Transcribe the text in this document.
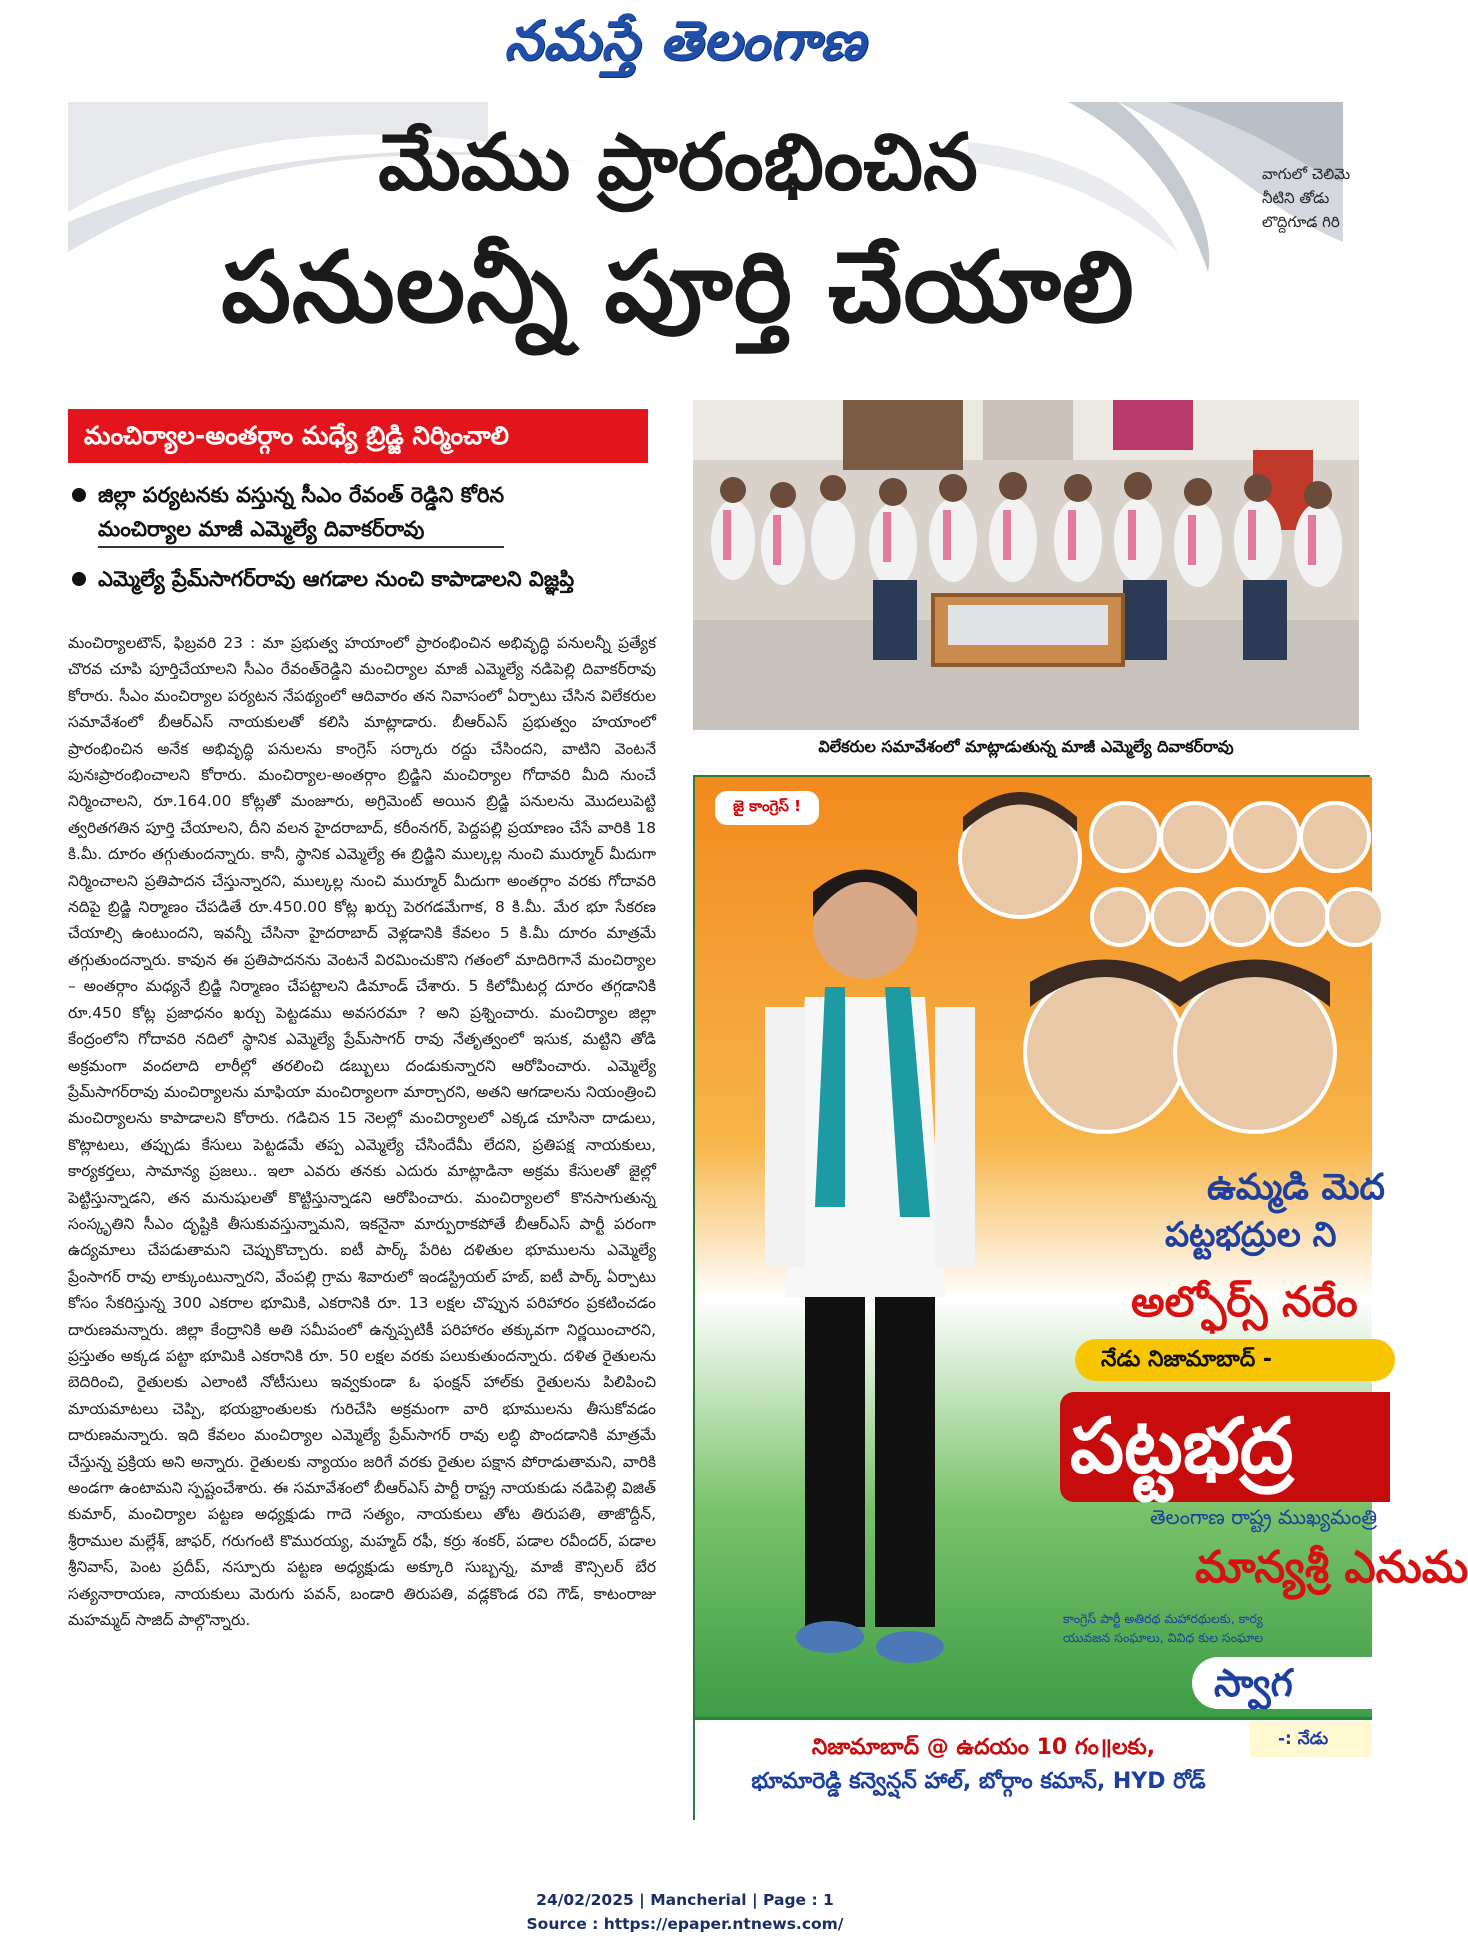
నమస్తే తెలంగాణ
మేము ప్రారంభించిన
పనులన్నీ పూర్తి చేయాలి
వాగులో చెలిమె
నీటిని తోడు
లొద్దిగూడ గిరి
మంచిర్యాల-అంతర్గాం మధ్యే బ్రిడ్జి నిర్మించాలి
జిల్లా పర్యటనకు వస్తున్న సీఎం రేవంత్ రెడ్డిని కోరిన
మంచిర్యాల మాజీ ఎమ్మెల్యే దివాకర్‌రావు
ఎమ్మెల్యే ప్రేమ్‌సాగర్‌రావు ఆగడాల నుంచి కాపాడాలని విజ్ఞప్తి
మంచిర్యాలటౌన్, ఫిబ్రవరి 23 : మా ప్రభుత్వ హయాంలో ప్రారంభించిన అభివృద్ధి పనులన్నీ ప్రత్యేక చొరవ చూపి పూర్తిచేయాలని సీఎం రేవంత్‌రెడ్డిని మంచిర్యాల మాజీ ఎమ్మెల్యే నడిపెల్లి దివాకర్‌రావు కోరారు. సీఎం మంచిర్యాల పర్యటన నేపథ్యంలో ఆదివారం తన నివాసంలో ఏర్పాటు చేసిన విలేకరుల సమావేశంలో బీఆర్‌ఎస్ నాయకులతో కలిసి మాట్లాడారు. బీఆర్‌ఎస్ ప్రభుత్వం హయాంలో ప్రారంభించిన అనేక అభివృద్ధి పనులను కాంగ్రెస్ సర్కారు రద్దు చేసిందని, వాటిని వెంటనే పునఃప్రారంభించాలని కోరారు. మంచిర్యాల-అంతర్గాం బ్రిడ్జిని మంచిర్యాల గోదావరి మీది నుంచే నిర్మించాలని, రూ.164.00 కోట్లతో మంజూరు, అగ్రిమెంట్ అయిన బ్రిడ్జి పనులను మొదలుపెట్టి త్వరితగతిన పూర్తి చేయాలని, దీని వలన హైదరాబాద్, కరీంనగర్, పెద్దపల్లి ప్రయాణం చేసే వారికి 18 కి.మీ. దూరం తగ్గుతుందన్నారు. కానీ, స్థానిక ఎమ్మెల్యే ఈ బ్రిడ్జిని ముల్కల్ల నుంచి ముర్మూర్ మీదుగా నిర్మించాలని ప్రతిపాదన చేస్తున్నారని, ముల్కల్ల నుంచి ముర్మూర్ మీదుగా అంతర్గాం వరకు గోదావరి నదిపై బ్రిడ్జి నిర్మాణం చేపడితే రూ.450.00 కోట్ల ఖర్చు పెరగడమేగాక, 8 కి.మీ. మేర భూ సేకరణ చేయాల్సి ఉంటుందని, ఇవన్నీ చేసినా హైదరాబాద్ వెళ్లడానికి కేవలం 5 కి.మీ దూరం మాత్రమే తగ్గుతుందన్నారు. కావున ఈ ప్రతిపాదనను వెంటనే విరమించుకొని గతంలో మాదిరిగానే మంచిర్యాల – అంతర్గాం మధ్యనే బ్రిడ్జి నిర్మాణం చేపట్టాలని డిమాండ్ చేశారు. 5 కిలోమీటర్ల దూరం తగ్గడానికి రూ.450 కోట్ల ప్రజాధనం ఖర్చు పెట్టడము అవసరమా ? అని ప్రశ్నించారు. మంచిర్యాల జిల్లా కేంద్రంలోని గోదావరి నదిలో స్థానిక ఎమ్మెల్యే ప్రేమ్‌సాగర్ రావు నేతృత్వంలో ఇసుక, మట్టిని తోడి అక్రమంగా వందలాది లారీల్లో తరలించి డబ్బులు దండుకున్నారని ఆరోపించారు. ఎమ్మెల్యే ప్రేమ్‌సాగర్‌రావు మంచిర్యాలను మాఫియా మంచిర్యాలగా మార్చారని, అతని ఆగడాలను నియంత్రించి మంచిర్యాలను కాపాడాలని కోరారు. గడిచిన 15 నెలల్లో మంచిర్యాలలో ఎక్కడ చూసినా దాడులు, కొట్లాటలు, తప్పుడు కేసులు పెట్టడమే తప్ప ఎమ్మెల్యే చేసిందేమీ లేదని, ప్రతిపక్ష నాయకులు, కార్యకర్తలు, సామాన్య ప్రజలు.. ఇలా ఎవరు తనకు ఎదురు మాట్లాడినా అక్రమ కేసులతో జైల్లో పెట్టిస్తున్నాడని, తన మనుషులతో కొట్టిస్తున్నాడని ఆరోపించారు. మంచిర్యాలలో కొనసాగుతున్న సంస్కృతిని సీఎం దృష్టికి తీసుకువస్తున్నామని, ఇకనైనా మార్పురాకపోతే బీఆర్‌ఎస్ పార్టీ పరంగా ఉద్యమాలు చేపడుతామని చెప్పుకొచ్చారు. ఐటీ పార్క్ పేరిట దళితుల భూములను ఎమ్మెల్యే ప్రేంసాగర్ రావు లాక్కుంటున్నారని, వేంపల్లి గ్రామ శివారులో ఇండస్ట్రియల్ హబ్, ఐటీ పార్క్ ఏర్పాటు కోసం సేకరిస్తున్న 300 ఎకరాల భూమికి, ఎకరానికి రూ. 13 లక్షల చొప్పున పరిహారం ప్రకటించడం దారుణమన్నారు. జిల్లా కేంద్రానికి అతి సమీపంలో ఉన్నప్పటికీ పరిహారం తక్కువగా నిర్ణయించారని, ప్రస్తుతం అక్కడ పట్టా భూమికి ఎకరానికి రూ. 50 లక్షల వరకు పలుకుతుందన్నారు. దళిత రైతులను బెదిరించి, రైతులకు ఎలాంటి నోటీసులు ఇవ్వకుండా ఓ ఫంక్షన్ హాల్‌కు రైతులను పిలిపించి మాయమాటలు చెప్పి, భయభ్రాంతులకు గురిచేసి అక్రమంగా వారి భూములను తీసుకోవడం దారుణమన్నారు. ఇది కేవలం మంచిర్యాల ఎమ్మెల్యే ప్రేమ్‌సాగర్ రావు లబ్ధి పొందడానికి మాత్రమే చేస్తున్న ప్రక్రియ అని అన్నారు. రైతులకు న్యాయం జరిగే వరకు రైతుల పక్షాన పోరాడుతామని, వారికి అండగా ఉంటామని స్పష్టంచేశారు. ఈ సమావేశంలో బీఆర్‌ఎస్ పార్టీ రాష్ట్ర నాయకుడు నడిపెల్లి విజిత్ కుమార్, మంచిర్యాల పట్టణ అధ్యక్షుడు గాదె సత్యం, నాయకులు తోట తిరుపతి, తాజొద్దీన్, శ్రీరాముల మల్లేశ్, జాఫర్, గరుగంటి కొమురయ్య, మహ్మద్ రఫీ, కర్రు శంకర్, పడాల రవీందర్, పడాల శ్రీనివాస్, పెంట ప్రదీప్, నస్పూరు పట్టణ అధ్యక్షుడు అక్కూరి సుబ్బన్న, మాజీ కౌన్సిలర్ బేర సత్యనారాయణ, నాయకులు మెరుగు పవన్, బండారి తిరుపతి, వడ్లకొండ రవి గౌడ్, కాటంరాజు మహమ్మద్ సాజిద్ పాల్గొన్నారు.
విలేకరుల సమావేశంలో మాట్లాడుతున్న మాజీ ఎమ్మెల్యే దివాకర్‌రావు
జై కాంగ్రెస్ !
ఉమ్మడి మెద
పట్టభద్రుల ని
అల్ఫోర్స్ నరేం
నేడు నిజామాబాద్ -
పట్టభద్ర
తెలంగాణ రాష్ట్ర ముఖ్యమంత్రి
మాన్యశ్రీ ఎనుమ
కాంగ్రెస్ పార్టీ అతిరథ మహారథులకు, కార్య
యువజన సంఘాలు, వివిధ కుల సంఘాల
స్వాగ
-: నేడు
నిజామాబాద్ @ ఉదయం 10 గం॥లకు,
భూమారెడ్డి కన్వెన్షన్ హాల్, బోర్గాం కమాన్, HYD రోడ్
24/02/2025 | Mancherial | Page : 1
Source : https://epaper.ntnews.com/
